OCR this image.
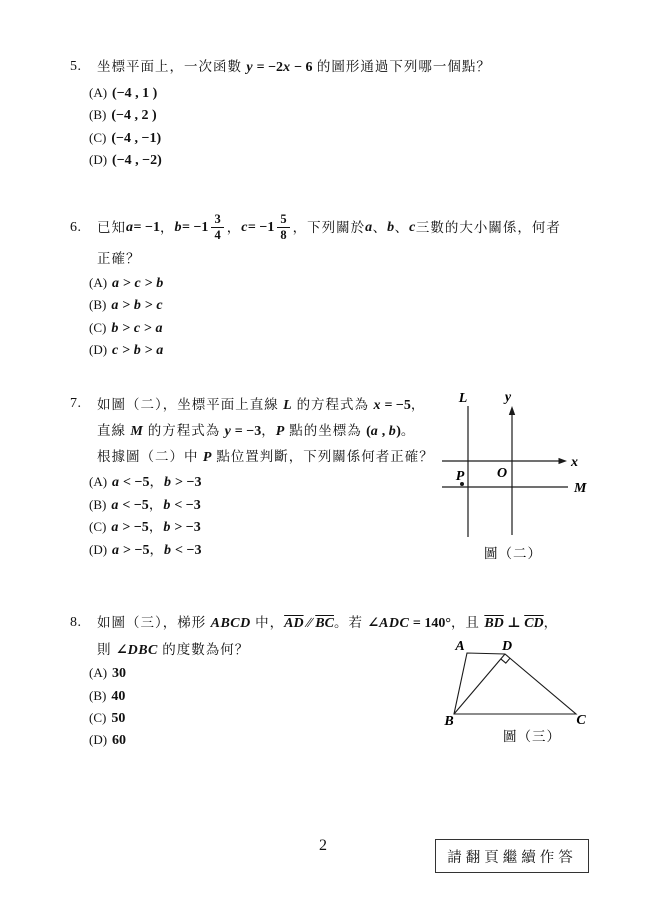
5. 坐標平面上，一次函數 y = −2x − 6 的圖形通過下列哪一個點？
(A) (−4 , 1 )
(B) (−4 , 2 )
(C) (−4 , −1)
(D) (−4 , −2)
6. 已知 a = −1 ， $b = -1 \frac{3}{4}$ ， $c = -1 \frac{5}{8}$ ，下列關於 a 、 b 、 c 三數的大小關係，何者
正確？
(A) a > c > b
(B) a > b > c
(C) b > c > a
(D) c > b > a
7. 如圖（二），坐標平面上直線 L 的方程式為 x = −5，
直線 M 的方程式為 y = −3，P 點的坐標為 (a , b)。
根據圖（二）中 P 點位置判斷，下列關係何者正確？
(A) a < −5，b > −3
(B) a < −5，b < −3
(C) a > −5，b > −3
(D) a > −5，b < −3
L	y
x
O
P
M
圖（二）
8. 如圖（三），梯形 ABCD 中，$\overline{AD}$ ∕∕ $\overline{BC}$。若 ∠ADC = 140°，且 $\overline{BD}$ ⊥ $\overline{CD}$，
則 ∠DBC 的度數為何？
(A) 30
(B) 40
(C) 50
(D) 60
A	D
B	C
圖（三）
2
請翻頁繼續作答
